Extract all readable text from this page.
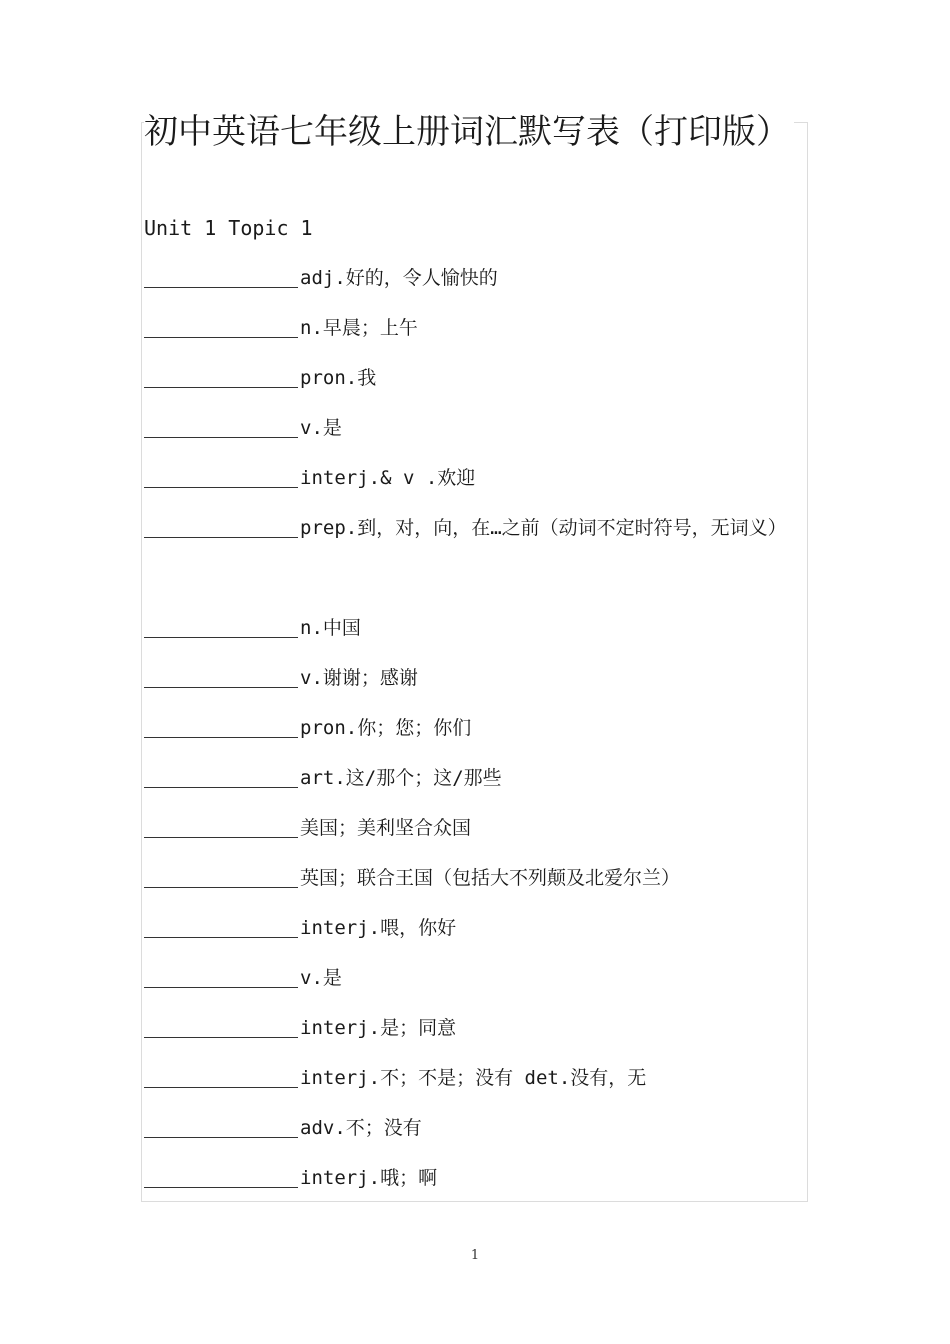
初中英语七年级上册词汇默写表（打印版）
Unit 1 Topic 1
adj.好的，令人愉快的
n.早晨；上午
pron.我
v.是
interj.& v .欢迎
prep.到，对，向，在…之前（动词不定时符号，无词义）
n.中国
v.谢谢；感谢
pron.你；您；你们
art.这/那个；这/那些
美国；美利坚合众国
英国；联合王国（包括大不列颠及北爱尔兰）
interj.喂，你好
v.是
interj.是；同意
interj.不；不是；没有 det.没有，无
adv.不；没有
interj.哦；啊
1
